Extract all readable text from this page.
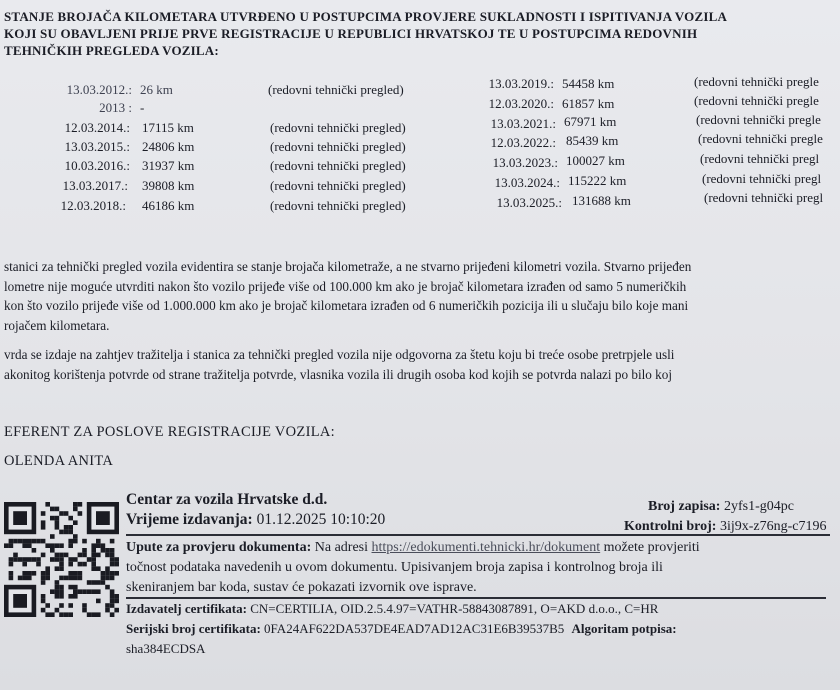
STANJE BROJAČA KILOMETARA UTVRĐENO U POSTUPCIMA PROVJERE SUKLADNOSTI I ISPITIVANJA VOZILA
KOJI SU OBAVLJENI PRIJE PRVE REGISTRACIJE U REPUBLICI HRVATSKOJ TE U POSTUPCIMA REDOVNIH
TEHNIČKIH PREGLEDA VOZILA:
13.03.2012.: 26 km	(redovni tehnički pregled)
2013 : -
12.03.2014.: 17115 km	(redovni tehnički pregled)
13.03.2015.: 24806 km	(redovni tehnički pregled)
10.03.2016.: 31937 km	(redovni tehnički pregled)
13.03.2017.: 39808 km	(redovni tehnički pregled)
12.03.2018.: 46186 km	(redovni tehnički pregled)
13.03.2019.: 54458 km	(redovni tehnički pregle
12.03.2020.: 61857 km	(redovni tehnički pregle
13.03.2021.: 67971 km	(redovni tehnički pregle
12.03.2022.: 85439 km	(redovni tehnički pregle
13.03.2023.: 100027 km	(redovni tehnički pregl
13.03.2024.: 115222 km	(redovni tehnički pregl
13.03.2025.: 131688 km	(redovni tehnički pregl
stanici za tehnički pregled vozila evidentira se stanje brojača kilometraže, a ne stvarno prijeđeni kilometri vozila. Stvarno prijeđen
lometre nije moguće utvrditi nakon što vozilo prijeđe više od 100.000 km ako je brojač kilometara izrađen od samo 5 numeričkih
kon što vozilo prijeđe više od 1.000.000 km ako je brojač kilometara izrađen od 6 numeričkih pozicija ili u slučaju bilo koje mani
rojačem kilometara.
vrda se izdaje na zahtjev tražitelja i stanica za tehnički pregled vozila nije odgovorna za štetu koju bi treće osobe pretrpjele usli
akonitog korištenja potvrde od strane tražitelja potvrde, vlasnika vozila ili drugih osoba kod kojih se potvrda nalazi po bilo koj
EFERENT ZA POSLOVE REGISTRACIJE VOZILA:
OLENDA ANITA
Broj zapisa: 2yfs1-g04pc
Centar za vozila Hrvatske d.d.
Kontrolni broj: 3ij9x-z76ng-c7196
Vrijeme izdavanja: 01.12.2025 10:10:20
Upute za provjeru dokumenta: Na adresi https://edokumenti.tehnicki.hr/dokument možete provjeriti
točnost podataka navedenih u ovom dokumentu. Upisivanjem broja zapisa i kontrolnog broja ili
skeniranjem bar koda, sustav će pokazati izvornik ove isprave.
Izdavatelj certifikata: CN=CERTILIA, OID.2.5.4.97=VATHR-58843087891, O=AKD d.o.o., C=HR
Serijski broj certifikata: 0FA24AF622DA537DE4EAD7AD12AC31E6B39537B5 Algoritam potpisa:
sha384ECDSA
